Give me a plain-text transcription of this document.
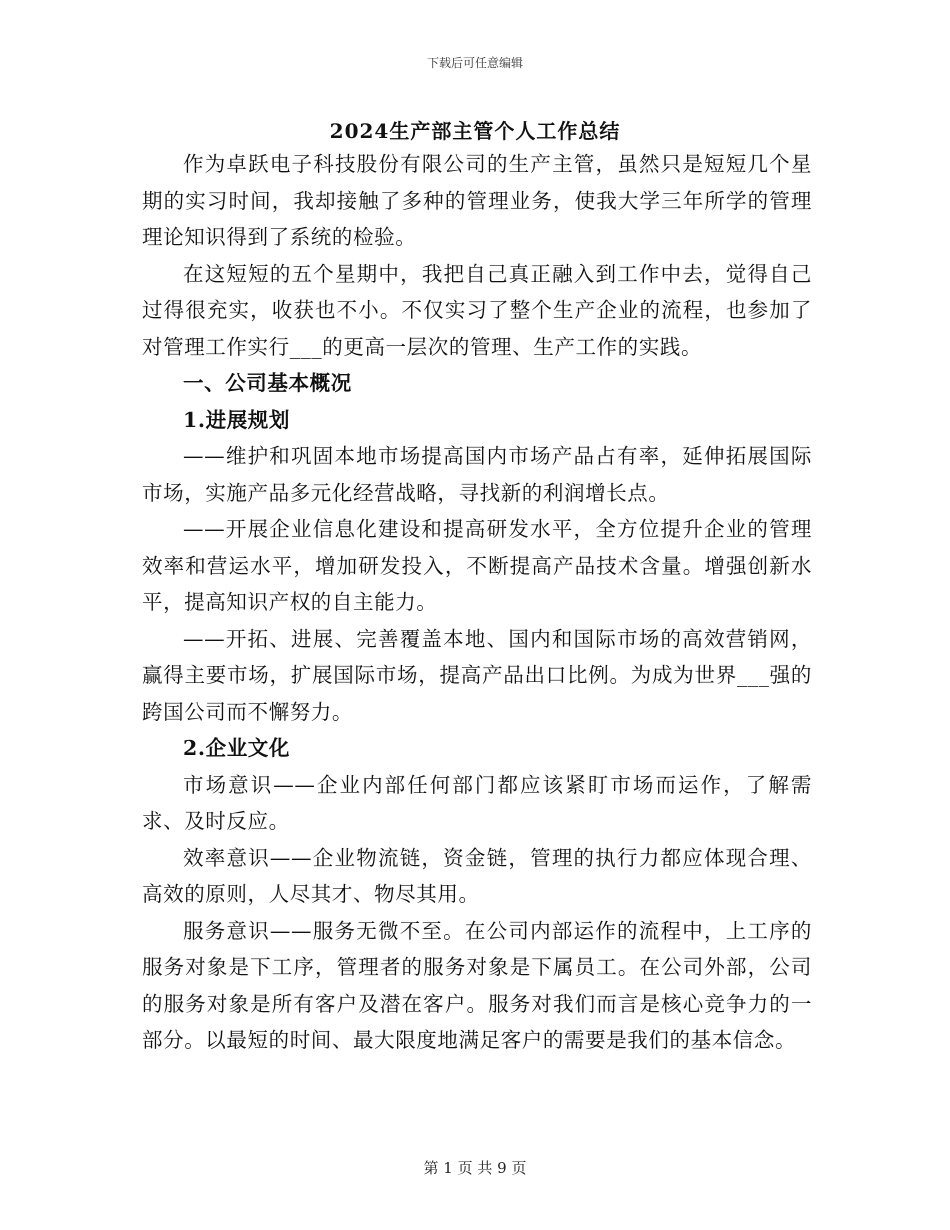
下载后可任意编辑
2024生产部主管个人工作总结

作为卓跃电子科技股份有限公司的生产主管，虽然只是短短几个星期的实习时间，我却接触了多种的管理业务，使我大学三年所学的管理理论知识得到了系统的检验。

在这短短的五个星期中，我把自己真正融入到工作中去，觉得自己过得很充实，收获也不小。不仅实习了整个生产企业的流程，也参加了对管理工作实行___的更高一层次的管理、生产工作的实践。

一、公司基本概况

1.进展规划

——维护和巩固本地市场提高国内市场产品占有率，延伸拓展国际市场，实施产品多元化经营战略，寻找新的利润增长点。

——开展企业信息化建设和提高研发水平，全方位提升企业的管理效率和营运水平，增加研发投入，不断提高产品技术含量。增强创新水平，提高知识产权的自主能力。

——开拓、进展、完善覆盖本地、国内和国际市场的高效营销网，赢得主要市场，扩展国际市场，提高产品出口比例。为成为世界___强的跨国公司而不懈努力。

2.企业文化

市场意识——企业内部任何部门都应该紧盯市场而运作，了解需求、及时反应。

效率意识——企业物流链，资金链，管理的执行力都应体现合理、高效的原则，人尽其才、物尽其用。

服务意识——服务无微不至。在公司内部运作的流程中，上工序的服务对象是下工序，管理者的服务对象是下属员工。在公司外部，公司的服务对象是所有客户及潜在客户。服务对我们而言是核心竞争力的一部分。以最短的时间、最大限度地满足客户的需要是我们的基本信念。

第 1 页 共 9 页
